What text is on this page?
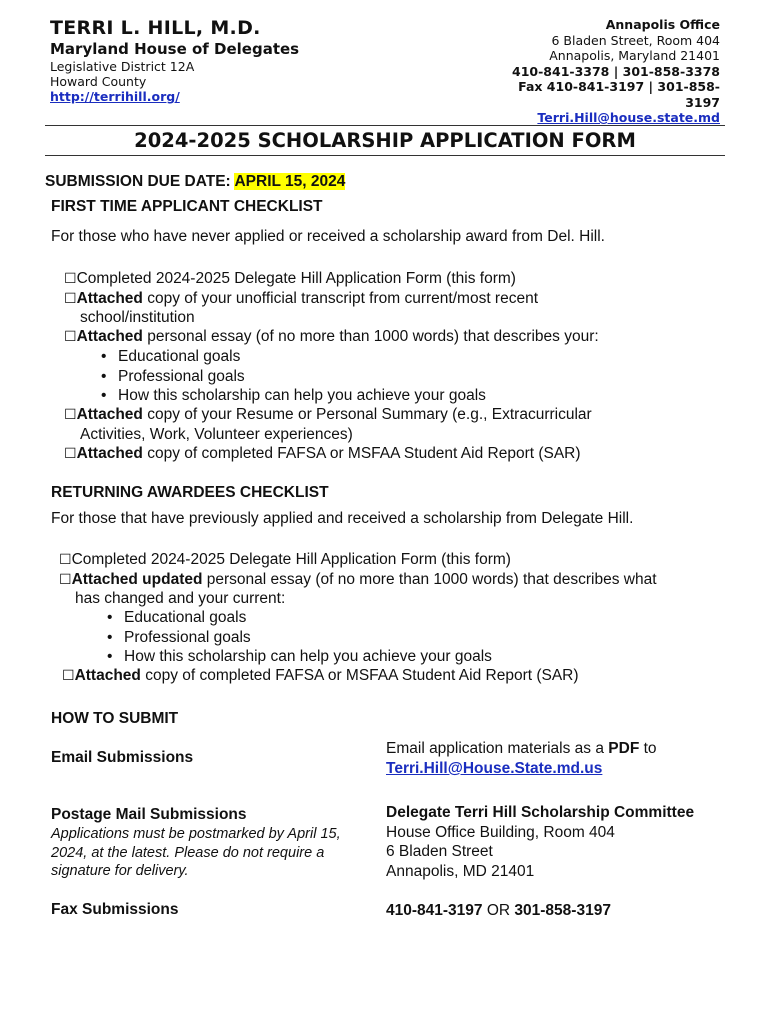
TERRI L. HILL, M.D.
Maryland House of Delegates
Legislative District 12A
Howard County
http://terrihill.org/
Annapolis Office
6 Bladen Street, Room 404
Annapolis, Maryland 21401
410-841-3378 | 301-858-3378
Fax 410-841-3197 | 301-858-
3197
Terri.Hill@house.state.md
2024-2025 SCHOLARSHIP APPLICATION FORM
SUBMISSION DUE DATE: APRIL 15, 2024
FIRST TIME APPLICANT CHECKLIST
For those who have never applied or received a scholarship award from Del. Hill.
☐Completed 2024-2025 Delegate Hill Application Form (this form)
☐Attached copy of your unofficial transcript from current/most recent
school/institution
☐Attached personal essay (of no more than 1000 words) that describes your:
• Educational goals
• Professional goals
• How this scholarship can help you achieve your goals
☐Attached copy of your Resume or Personal Summary (e.g., Extracurricular
Activities, Work, Volunteer experiences)
☐Attached copy of completed FAFSA or MSFAA Student Aid Report (SAR)
RETURNING AWARDEES CHECKLIST
For those that have previously applied and received a scholarship from Delegate Hill.
☐Completed 2024-2025 Delegate Hill Application Form (this form)
☐Attached updated personal essay (of no more than 1000 words) that describes what
has changed and your current:
• Educational goals
• Professional goals
• How this scholarship can help you achieve your goals
☐Attached copy of completed FAFSA or MSFAA Student Aid Report (SAR)
HOW TO SUBMIT
Email Submissions
Email application materials as a PDF to
Terri.Hill@House.State.md.us
Postage Mail Submissions
Applications must be postmarked by April 15,
2024, at the latest. Please do not require a
signature for delivery.
Delegate Terri Hill Scholarship Committee
House Office Building, Room 404
6 Bladen Street
Annapolis, MD 21401
Fax Submissions	410-841-3197 OR 301-858-3197
